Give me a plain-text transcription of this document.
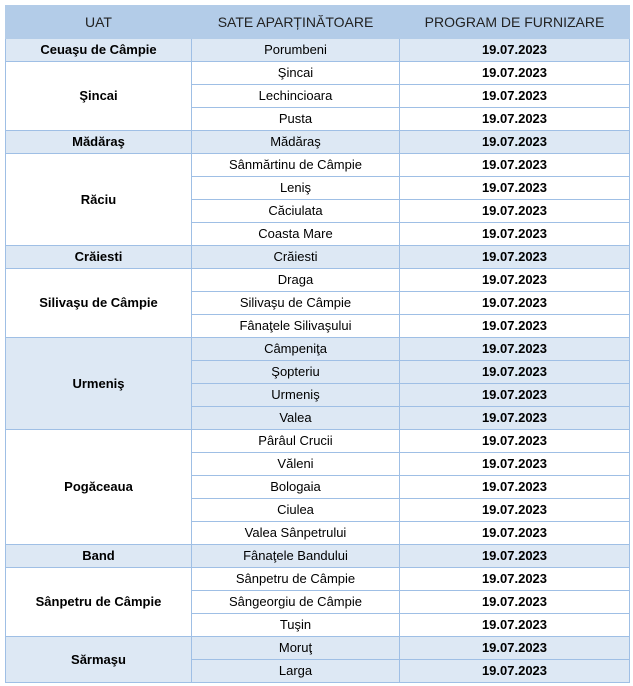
UAT	SATE APARȚINĂTOARE	PROGRAM DE FURNIZARE
Ceuaşu de Câmpie	Porumbeni	19.07.2023
Şincai	Şincai	19.07.2023
	Lechincioara	19.07.2023
	Pusta	19.07.2023
Mădăraş	Mădăraş	19.07.2023
Răciu	Sânmărtinu de Câmpie	19.07.2023
	Leniş	19.07.2023
	Căciulata	19.07.2023
	Coasta Mare	19.07.2023
Crăiesti	Crăiesti	19.07.2023
Silivaşu de Câmpie	Draga	19.07.2023
	Silivaşu de Câmpie	19.07.2023
	Fânaţele Silivaşului	19.07.2023
Urmeniş	Câmpeniţa	19.07.2023
	Şopteriu	19.07.2023
	Urmeniş	19.07.2023
	Valea	19.07.2023
Pogăceaua	Pârâul Crucii	19.07.2023
	Văleni	19.07.2023
	Bologaia	19.07.2023
	Ciulea	19.07.2023
	Valea Sânpetrului	19.07.2023
Band	Fânaţele Bandului	19.07.2023
Sânpetru de Câmpie	Sânpetru de Câmpie	19.07.2023
	Sângeorgiu de Câmpie	19.07.2023
	Tuşin	19.07.2023
Sărmaşu	Moruţ	19.07.2023
	Larga	19.07.2023
